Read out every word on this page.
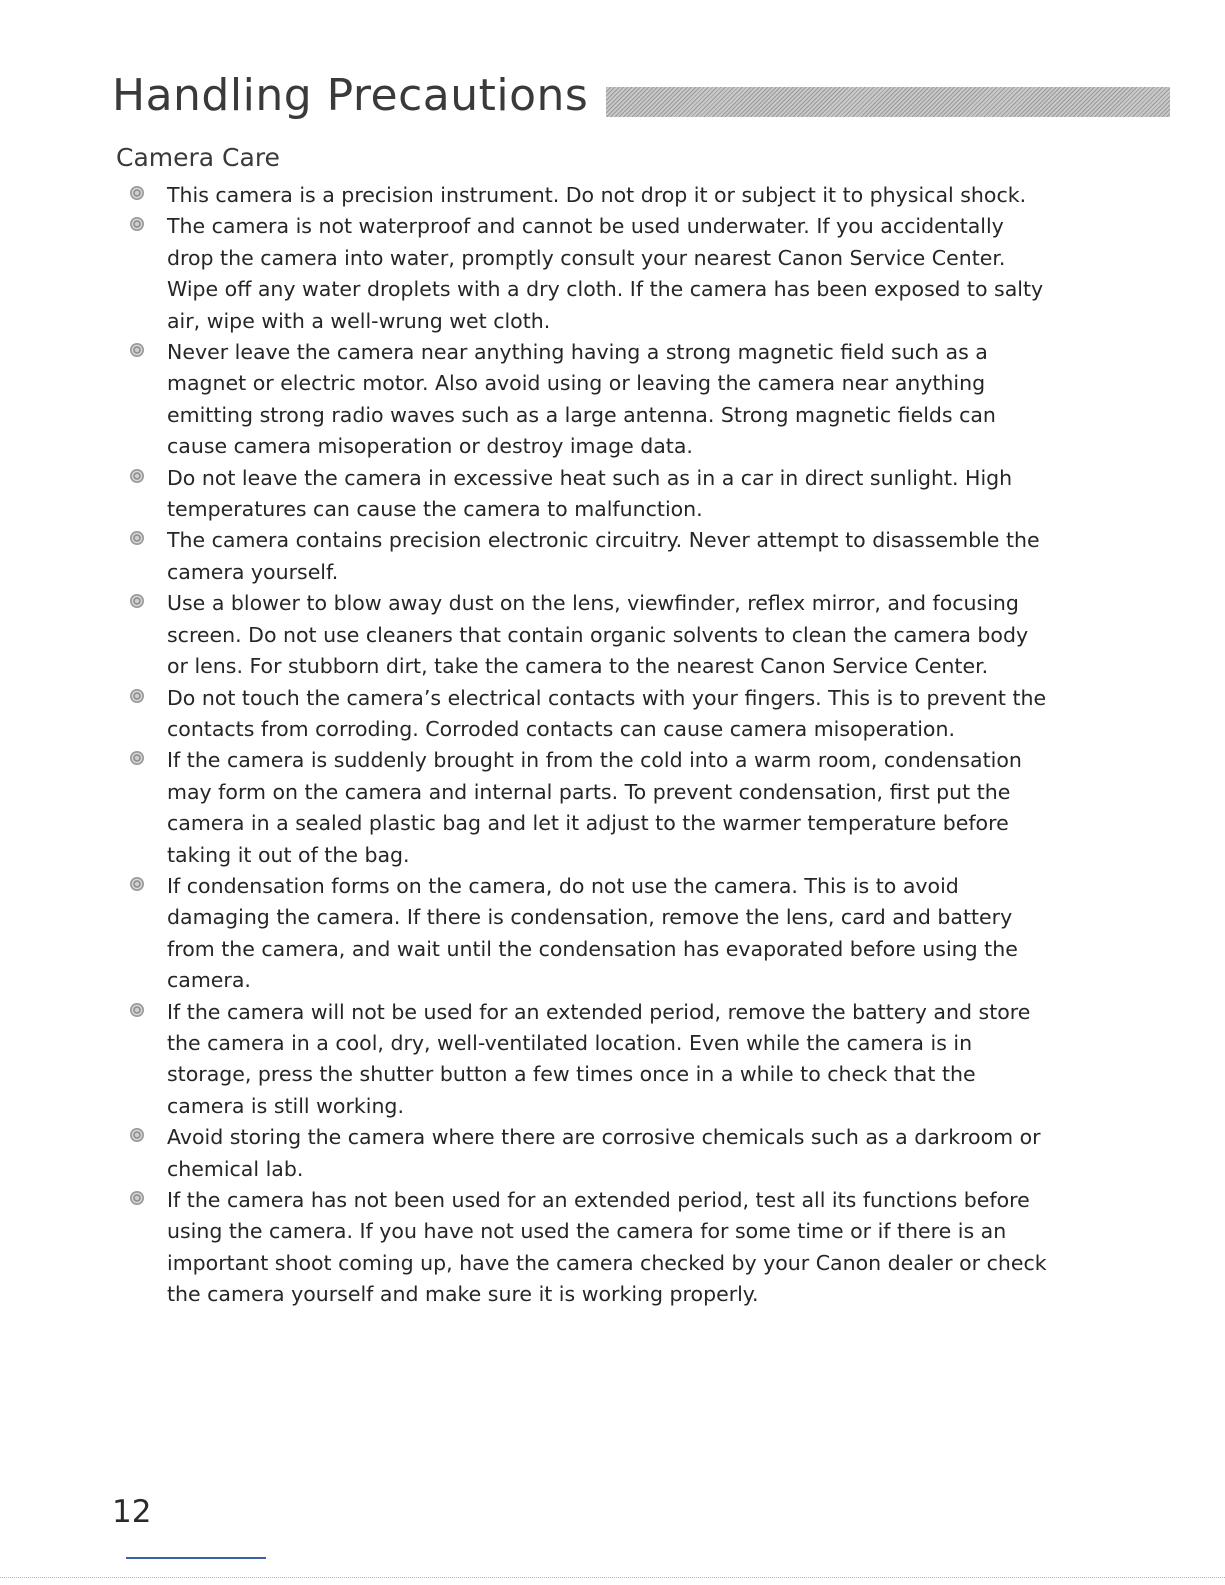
Handling Precautions
Camera Care
This camera is a precision instrument. Do not drop it or subject it to physical shock.
The camera is not waterproof and cannot be used underwater. If you accidentally drop the camera into water, promptly consult your nearest Canon Service Center. Wipe off any water droplets with a dry cloth. If the camera has been exposed to salty air, wipe with a well-wrung wet cloth.
Never leave the camera near anything having a strong magnetic field such as a magnet or electric motor. Also avoid using or leaving the camera near anything emitting strong radio waves such as a large antenna. Strong magnetic fields can cause camera misoperation or destroy image data.
Do not leave the camera in excessive heat such as in a car in direct sunlight. High temperatures can cause the camera to malfunction.
The camera contains precision electronic circuitry. Never attempt to disassemble the camera yourself.
Use a blower to blow away dust on the lens, viewfinder, reflex mirror, and focusing screen. Do not use cleaners that contain organic solvents to clean the camera body or lens. For stubborn dirt, take the camera to the nearest Canon Service Center.
Do not touch the camera’s electrical contacts with your fingers. This is to prevent the contacts from corroding. Corroded contacts can cause camera misoperation.
If the camera is suddenly brought in from the cold into a warm room, condensation may form on the camera and internal parts. To prevent condensation, first put the camera in a sealed plastic bag and let it adjust to the warmer temperature before taking it out of the bag.
If condensation forms on the camera, do not use the camera. This is to avoid damaging the camera. If there is condensation, remove the lens, card and battery from the camera, and wait until the condensation has evaporated before using the camera.
If the camera will not be used for an extended period, remove the battery and store the camera in a cool, dry, well-ventilated location. Even while the camera is in storage, press the shutter button a few times once in a while to check that the camera is still working.
Avoid storing the camera where there are corrosive chemicals such as a darkroom or chemical lab.
If the camera has not been used for an extended period, test all its functions before using the camera. If you have not used the camera for some time or if there is an important shoot coming up, have the camera checked by your Canon dealer or check the camera yourself and make sure it is working properly.
12
